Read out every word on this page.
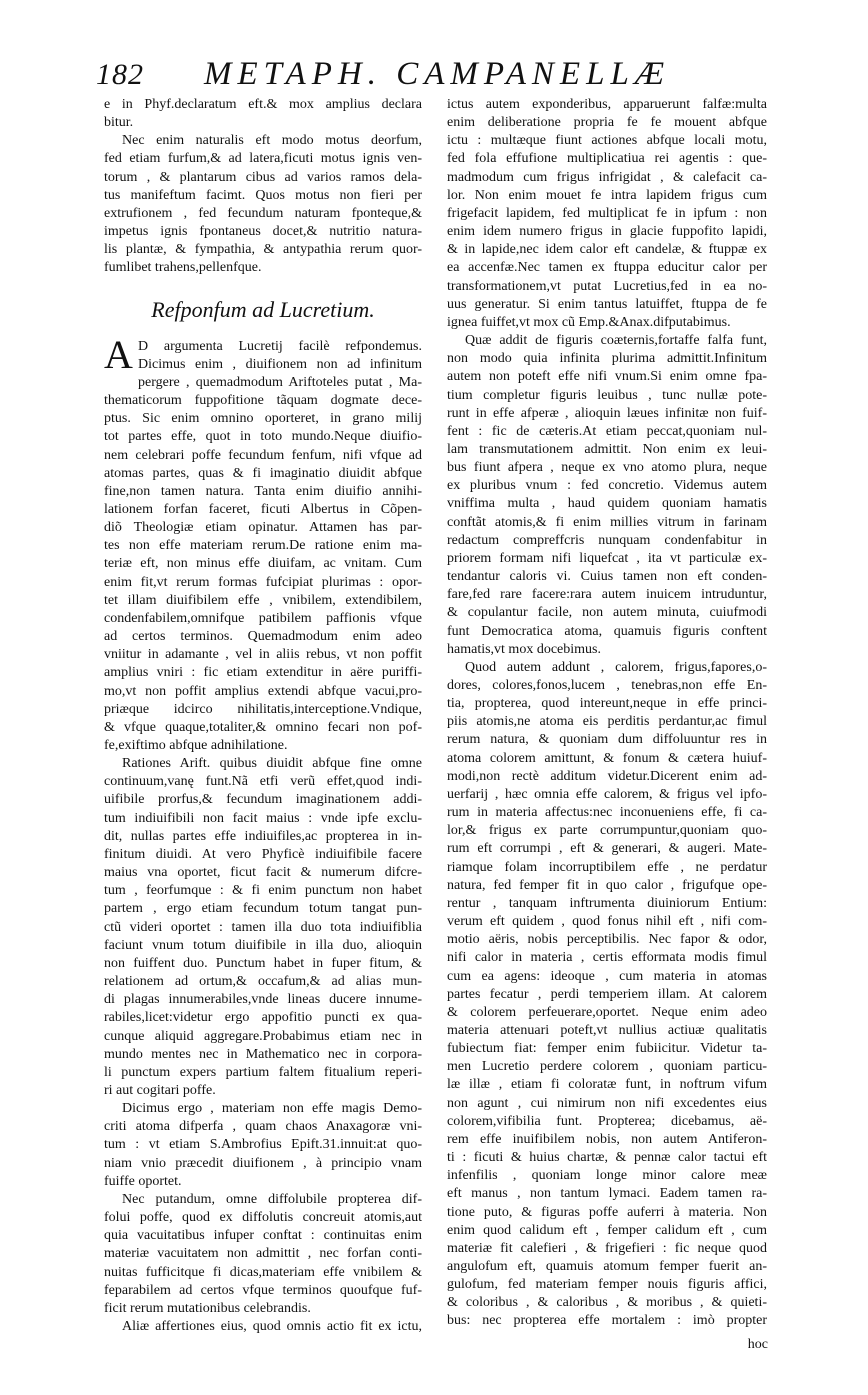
182 METAPH. CAMPANELLÆ
e in Phyf.declaratum eft.& mox amplius declara
bitur.
Nec enim naturalis eft modo motus deorfum,
fed etiam furfum,& ad latera,ficuti motus ignis ven-
torum , & plantarum cibus ad varios ramos dela-
tus manifeftum facimt. Quos motus non fieri per
extrufionem , fed fecundum naturam fponteque,&
impetus ignis fpontaneus docet,& nutritio natura-
lis plantæ, & fympathia, & antypathia rerum quor-
fumlibet trahens,pellenfque.
Refponfum ad Lucretium.
A D argumenta Lucretij facilè refpondemus.
Dicimus enim , diuifionem non ad infinitum
pergere , quemadmodum Ariftoteles putat , Ma-
thematicorum fuppofitione tãquam dogmate dece-
ptus. Sic enim omnino oporteret, in grano milij
tot partes effe, quot in toto mundo.Neque diuifio-
nem celebrari poffe fecundum fenfum, nifi vfque ad
atomas partes, quas & fi imaginatio diuidit abfque
fine,non tamen natura. Tanta enim diuifio annihi-
lationem forfan faceret, ficuti Albertus in Cõpen-
diõ Theologiæ etiam opinatur. Attamen has par-
tes non effe materiam rerum.De ratione enim ma-
teriæ eft, non minus effe diuifam, ac vnitam. Cum
enim fit,vt rerum formas fufcipiat plurimas : opor-
tet illam diuifibilem effe , vnibilem, extendibilem,
condenfabilem,omnifque patibilem paffionis vfque
ad certos terminos. Quemadmodum enim adeo
vniitur in adamante , vel in aliis rebus, vt non poffit
amplius vniri : fic etiam extenditur in aëre puriffi-
mo,vt non poffit amplius extendi abfque vacui,pro-
priæque idcirco nihilitatis,interceptione.Vndique,
& vfque quaque,totaliter,& omnino fecari non pof-
fe,exiftimo abfque adnihilatione.
Rationes Arift. quibus diuidit abfque fine omne
continuum,vanę funt.Nã etfi verũ effet,quod indi-
uifibile prorfus,& fecundum imaginationem addi-
tum indiuifibili non facit maius : vnde ipfe exclu-
dit, nullas partes effe indiuifiles,ac propterea in in-
finitum diuidi. At vero Phyficè indiuifibile facere
maius vna oportet, ficut facit & numerum difcre-
tum , feorfumque : & fi enim punctum non habet
partem , ergo etiam fecundum totum tangat pun-
ctũ videri oportet : tamen illa duo tota indiuifiblia
faciunt vnum totum diuifibile in illa duo, alioquin
non fuiffent duo. Punctum habet in fuper fitum, &
relationem ad ortum,& occafum,& ad alias mun-
di plagas innumerabiles,vnde lineas ducere innume-
rabiles,licet:videtur ergo appofitio puncti ex qua-
cunque aliquid aggregare.Probabimus etiam nec in
mundo mentes nec in Mathematico nec in corpora-
li punctum expers partium faltem fitualium reperi-
ri aut cogitari poffe.
Dicimus ergo , materiam non effe magis Demo-
criti atoma difperfa , quam chaos Anaxagoræ vni-
tum : vt etiam S.Ambrofius Epift.31.innuit:at quo-
niam vnio præcedit diuifionem , à principio vnam
fuiffe oportet.
Nec putandum, omne diffolubile propterea dif-
folui poffe, quod ex diffolutis concreuit atomis,aut
quia vacuitatibus infuper conftat : continuitas enim
materiæ vacuitatem non admittit , nec forfan conti-
nuitas fufficitque fi dicas,materiam effe vnibilem &
feparabilem ad certos vfque terminos quoufque fuf-
ficit rerum mutationibus celebrandis.
Aliæ affertiones eius, quod omnis actio fit ex ictu,
ictus autem exponderibus, apparuerunt falfæ:multa
enim deliberatione propria fe fe mouent abfque
ictu : multæque fiunt actiones abfque locali motu,
fed fola effufione multiplicatiua rei agentis : que-
madmodum cum frigus infrigidat , & calefacit ca-
lor. Non enim mouet fe intra lapidem frigus cum
frigefacit lapidem, fed multiplicat fe in ipfum : non
enim idem numero frigus in glacie fuppofito lapidi,
& in lapide,nec idem calor eft candelæ, & ftuppæ ex
ea accenfæ.Nec tamen ex ftuppa educitur calor per
transformationem,vt putat Lucretius,fed in ea no-
uus generatur. Si enim tantus latuiffet, ftuppa de fe
ignea fuiffet,vt mox cũ Emp.&Anax.difputabimus.
Quæ addit de figuris coæternis,fortaffe falfa funt,
non modo quia infinita plurima admittit.Infinitum
autem non poteft effe nifi vnum.Si enim omne fpa-
tium completur figuris leuibus , tunc nullæ pote-
runt in effe afperæ , alioquin læues infinitæ non fuif-
fent : fic de cæteris.At etiam peccat,quoniam nul-
lam transmutationem admittit. Non enim ex leui-
bus fiunt afpera , neque ex vno atomo plura, neque
ex pluribus vnum : fed concretio. Videmus autem
vniffima multa , haud quidem quoniam hamatis
conftãt atomis,& fi enim millies vitrum in farinam
redactum compreffcris nunquam condenfabitur in
priorem formam nifi liquefcat , ita vt particulæ ex-
tendantur caloris vi. Cuius tamen non eft conden-
fare,fed rare facere:rara autem inuicem intruduntur,
& copulantur facile, non autem minuta, cuiufmodi
funt Democratica atoma, quamuis figuris conftent
hamatis,vt mox docebimus.
Quod autem addunt , calorem, frigus,fapores,o-
dores, colores,fonos,lucem , tenebras,non effe En-
tia, propterea, quod intereunt,neque in effe princi-
piis atomis,ne atoma eis perditis perdantur,ac fimul
rerum natura, & quoniam dum diffoluuntur res in
atoma colorem amittunt, & fonum & cætera huiuf-
modi,non rectè additum videtur.Dicerent enim ad-
uerfarij , hæc omnia effe calorem, & frigus vel ipfo-
rum in materia affectus:nec inconueniens effe, fi ca-
lor,& frigus ex parte corrumpuntur,quoniam quo-
rum eft corrumpi , eft & generari, & augeri. Mate-
riamque folam incorruptibilem effe , ne perdatur
natura, fed femper fit in quo calor , frigufque ope-
rentur , tanquam inftrumenta diuiniorum Entium:
verum eft quidem , quod fonus nihil eft , nifi com-
motio aëris, nobis perceptibilis. Nec fapor & odor,
nifi calor in materia , certis efformata modis fimul
cum ea agens: ideoque , cum materia in atomas
partes fecatur , perdi temperiem illam. At calorem
& colorem perfeuerare,oportet. Neque enim adeo
materia attenuari poteft,vt nullius actiuæ qualitatis
fubiectum fiat: femper enim fubiicitur. Videtur ta-
men Lucretio perdere colorem , quoniam particu-
læ illæ , etiam fi coloratæ funt, in noftrum vifum
non agunt , cui nimirum non nifi excedentes eius
colorem,vifibilia funt. Propterea; dicebamus, aë-
rem effe inuifibilem nobis, non autem Antiferon-
ti : ficuti & huius chartæ, & pennæ calor tactui eft
infenfilis , quoniam longe minor calore meæ
eft manus , non tantum lymaci. Eadem tamen ra-
tione puto, & figuras poffe auferri à materia. Non
enim quod calidum eft , femper calidum eft , cum
materiæ fit calefieri , & frigefieri : fic neque quod
angulofum eft, quamuis atomum femper fuerit an-
gulofum, fed materiam femper nouis figuris affici,
& coloribus , & caloribus , & moribus , & quieti-
bus: nec propterea effe mortalem : imò propter
hoc
